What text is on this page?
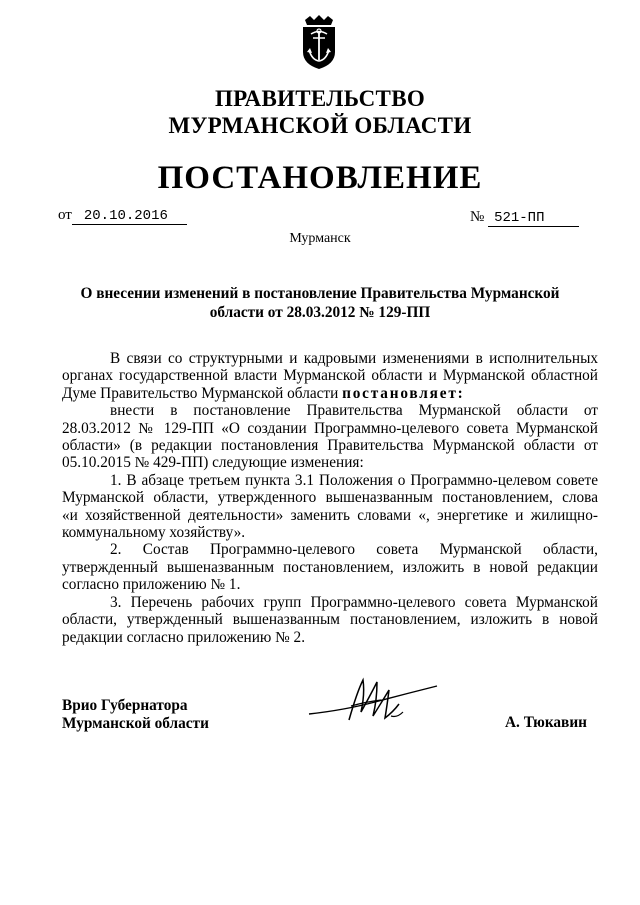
ПРАВИТЕЛЬСТВО
МУРМАНСКОЙ ОБЛАСТИ
ПОСТАНОВЛЕНИЕ
от 20.10.2016	№ 521-ПП
Мурманск
О внесении изменений в постановление Правительства Мурманской
области от 28.03.2012 № 129-ПП
В связи со структурными и кадровыми изменениями в исполнительных
органах государственной власти Мурманской области и Мурманской областной
Думе Правительство Мурманской области постановляет:
внести в постановление Правительства Мурманской области от
28.03.2012 № 129-ПП «О создании Программно-целевого совета Мурманской
области» (в редакции постановления Правительства Мурманской области от
05.10.2015 № 429-ПП) следующие изменения:
1. В абзаце третьем пункта 3.1 Положения о Программно-целевом совете
Мурманской области, утвержденного вышеназванным постановлением, слова
«и хозяйственной деятельности» заменить словами «, энергетике и жилищно-
коммунальному хозяйству».
2. Состав Программно-целевого совета Мурманской области,
утвержденный вышеназванным постановлением, изложить в новой редакции
согласно приложению № 1.
3. Перечень рабочих групп Программно-целевого совета Мурманской
области, утвержденный вышеназванным постановлением, изложить в новой
редакции согласно приложению № 2.
Врио Губернатора
Мурманской области	А. Тюкавин
